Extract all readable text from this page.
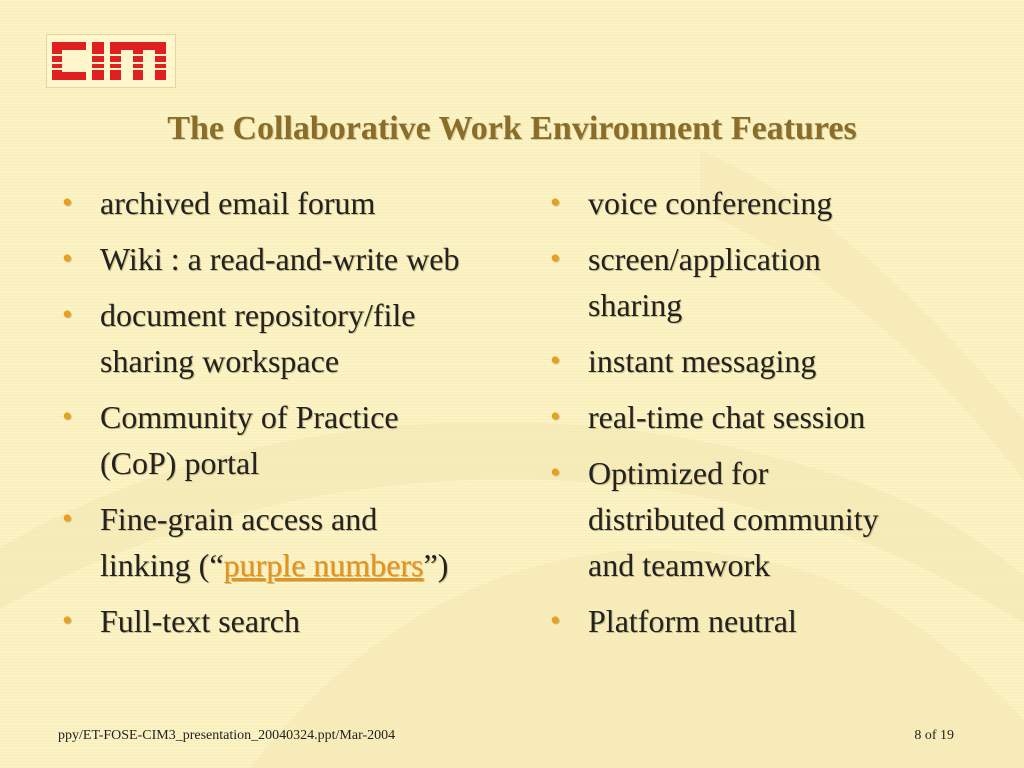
The Collaborative Work Environment Features
• archived email forum
• Wiki : a read-and-write web
• document repository/file
sharing workspace
• Community of Practice
(CoP) portal
• Fine-grain access and
linking (“purple numbers”)
• Full-text search
• voice conferencing
• screen/application
sharing
• instant messaging
• real-time chat session
• Optimized for
distributed community
and teamwork
• Platform neutral
ppy/ET-FOSE-CIM3_presentation_20040324.ppt/Mar-2004	8 of 19
